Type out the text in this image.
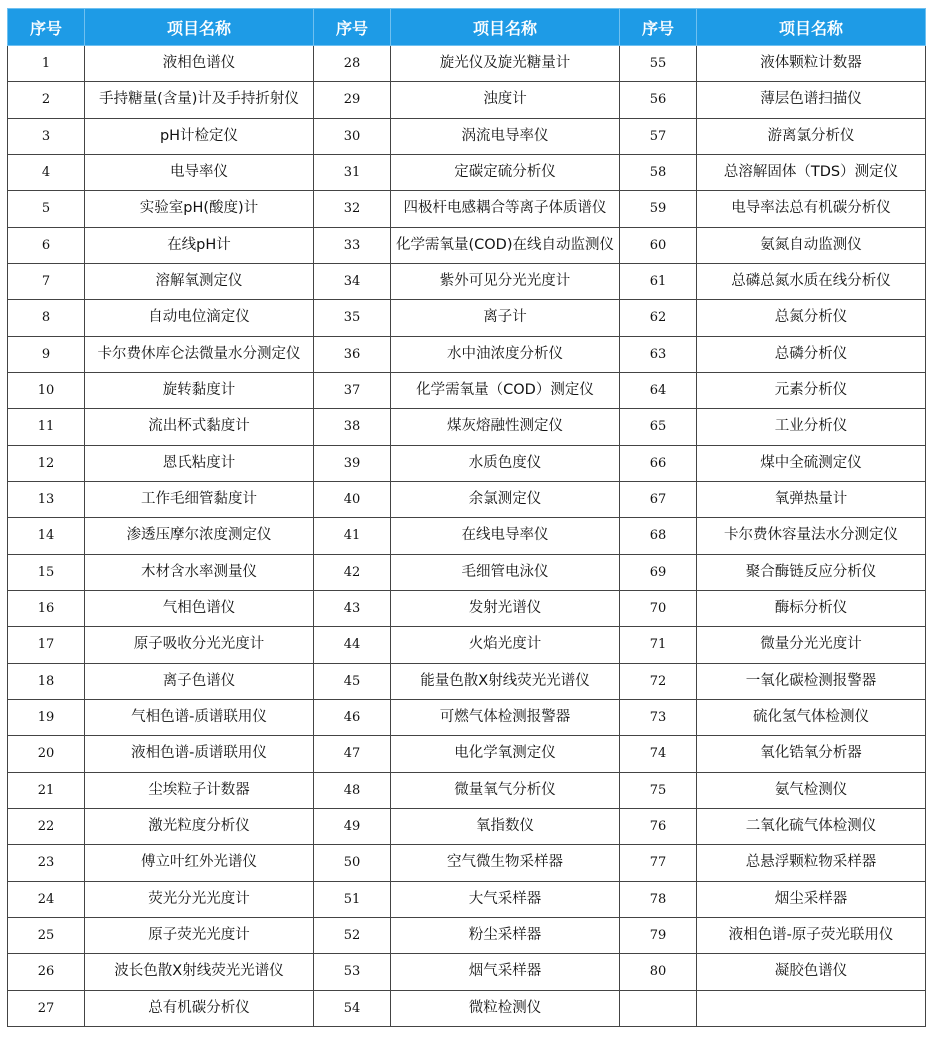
序号	项目名称	序号	项目名称	序号	项目名称
1	液相色谱仪	28	旋光仪及旋光糖量计	55	液体颗粒计数器
2	手持糖量(含量)计及手持折射仪	29	浊度计	56	薄层色谱扫描仪
3	pH计检定仪	30	涡流电导率仪	57	游离氯分析仪
4	电导率仪	31	定碳定硫分析仪	58	总溶解固体（TDS）测定仪
5	实验室pH(酸度)计	32	四极杆电感耦合等离子体质谱仪	59	电导率法总有机碳分析仪
6	在线pH计	33	化学需氧量(COD)在线自动监测仪	60	氨氮自动监测仪
7	溶解氧测定仪	34	紫外可见分光光度计	61	总磷总氮水质在线分析仪
8	自动电位滴定仪	35	离子计	62	总氮分析仪
9	卡尔费休库仑法微量水分测定仪	36	水中油浓度分析仪	63	总磷分析仪
10	旋转黏度计	37	化学需氧量（COD）测定仪	64	元素分析仪
11	流出杯式黏度计	38	煤灰熔融性测定仪	65	工业分析仪
12	恩氏粘度计	39	水质色度仪	66	煤中全硫测定仪
13	工作毛细管黏度计	40	余氯测定仪	67	氧弹热量计
14	渗透压摩尔浓度测定仪	41	在线电导率仪	68	卡尔费休容量法水分测定仪
15	木材含水率测量仪	42	毛细管电泳仪	69	聚合酶链反应分析仪
16	气相色谱仪	43	发射光谱仪	70	酶标分析仪
17	原子吸收分光光度计	44	火焰光度计	71	微量分光光度计
18	离子色谱仪	45	能量色散X射线荧光光谱仪	72	一氧化碳检测报警器
19	气相色谱-质谱联用仪	46	可燃气体检测报警器	73	硫化氢气体检测仪
20	液相色谱-质谱联用仪	47	电化学氧测定仪	74	氧化锆氧分析器
21	尘埃粒子计数器	48	微量氧气分析仪	75	氨气检测仪
22	激光粒度分析仪	49	氧指数仪	76	二氧化硫气体检测仪
23	傅立叶红外光谱仪	50	空气微生物采样器	77	总悬浮颗粒物采样器
24	荧光分光光度计	51	大气采样器	78	烟尘采样器
25	原子荧光光度计	52	粉尘采样器	79	液相色谱-原子荧光联用仪
26	波长色散X射线荧光光谱仪	53	烟气采样器	80	凝胶色谱仪
27	总有机碳分析仪	54	微粒检测仪		
